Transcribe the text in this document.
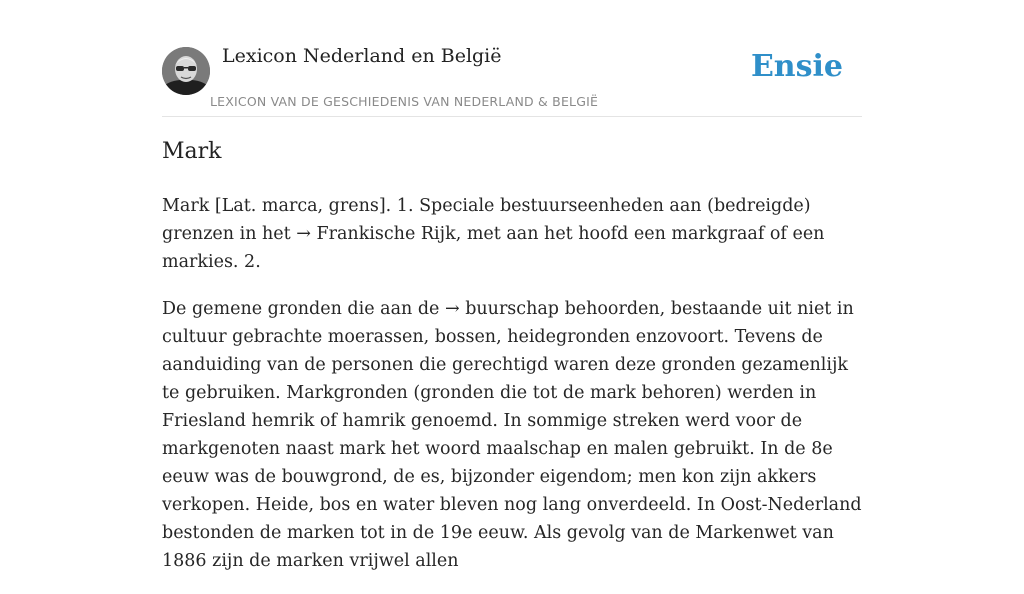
Lexicon Nederland en België
LEXICON VAN DE GESCHIEDENIS VAN NEDERLAND & BELGIË
Ensie
Mark

Mark [Lat. marca, grens]. 1. Speciale bestuurseenheden aan (bedreigde) grenzen in het → Frankische Rijk, met aan het hoofd een markgraaf of een markies. 2.

De gemene gronden die aan de → buurschap behoorden, bestaande uit niet in cultuur gebrachte moerassen, bossen, heidegronden enzovoort. Tevens de aanduiding van de personen die gerechtigd waren deze gronden gezamenlijk te gebruiken. Markgronden (gronden die tot de mark behoren) werden in Friesland hemrik of hamrik genoemd. In sommige streken werd voor de markgenoten naast mark het woord maalschap en malen gebruikt. In de 8e eeuw was de bouwgrond, de es, bijzonder eigendom; men kon zijn akkers verkopen. Heide, bos en water bleven nog lang onverdeeld. In Oost-Nederland bestonden de marken tot in de 19e eeuw. Als gevolg van de Markenwet van 1886 zijn de marken vrijwel allen
